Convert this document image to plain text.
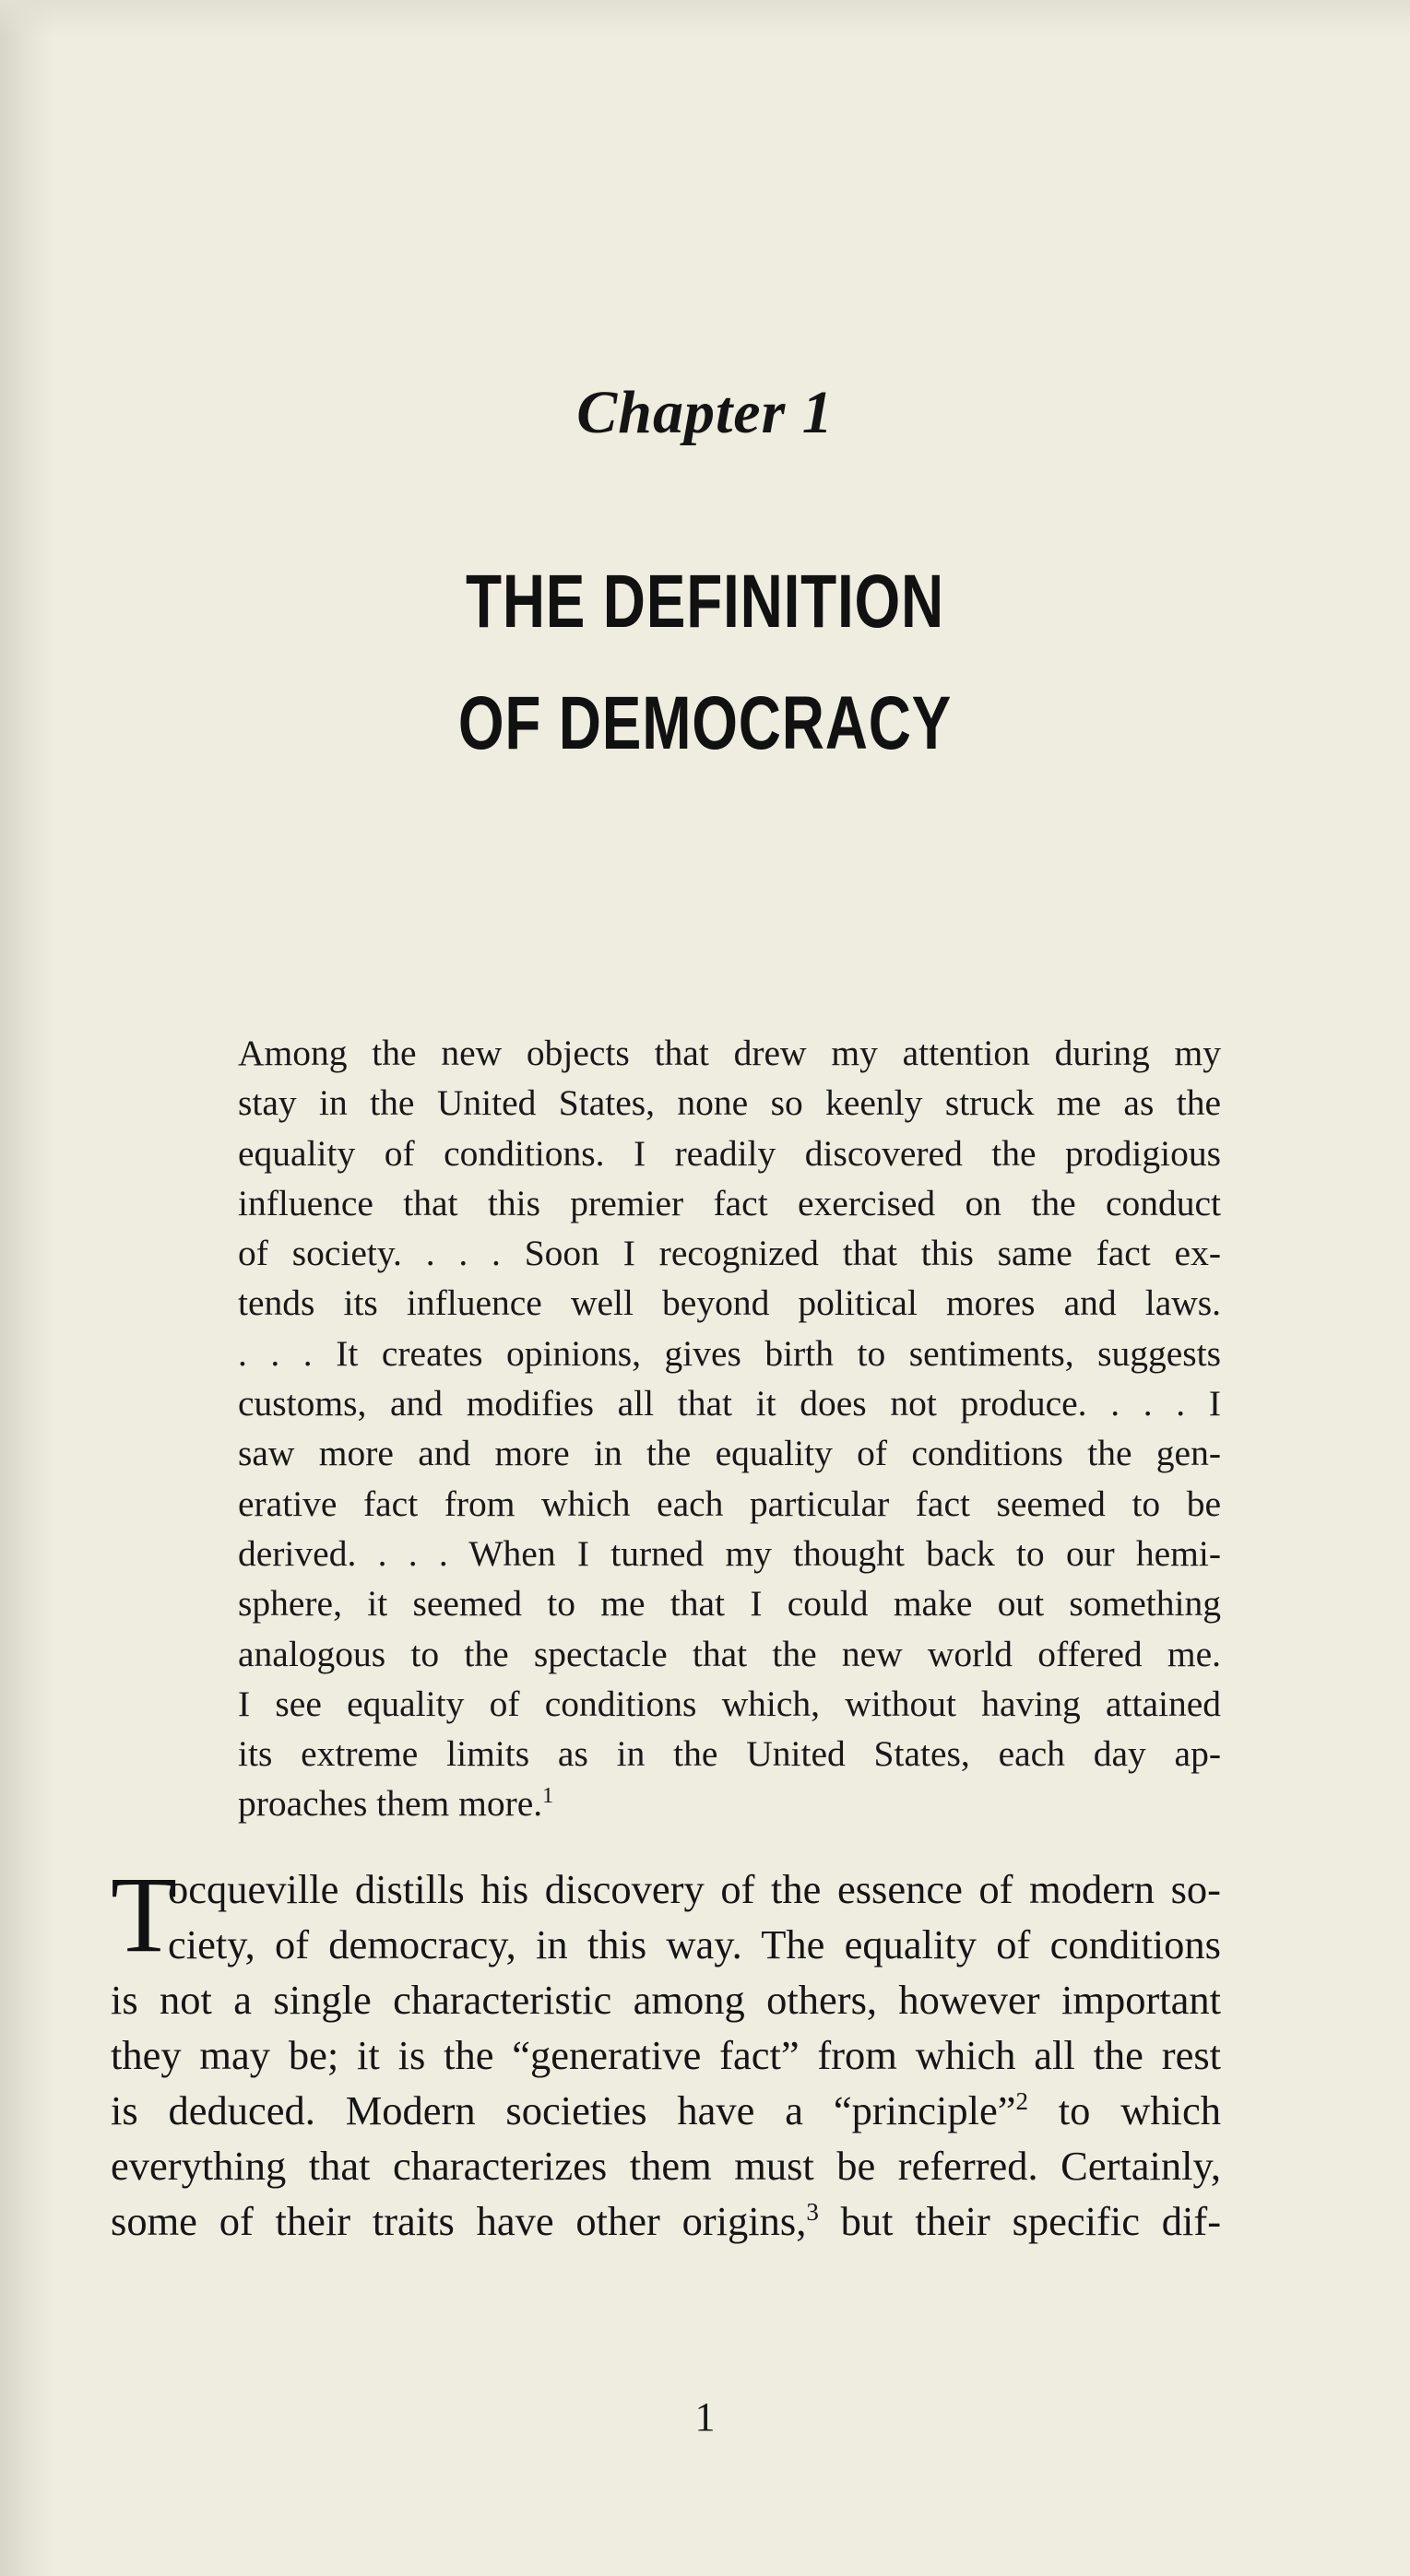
Chapter 1
THE DEFINITION
OF DEMOCRACY
Among the new objects that drew my attention during my
stay in the United States, none so keenly struck me as the
equality of conditions. I readily discovered the prodigious
influence that this premier fact exercised on the conduct
of society. . . . Soon I recognized that this same fact ex-
tends its influence well beyond political mores and laws.
. . . It creates opinions, gives birth to sentiments, suggests
customs, and modifies all that it does not produce. . . . I
saw more and more in the equality of conditions the gen-
erative fact from which each particular fact seemed to be
derived. . . . When I turned my thought back to our hemi-
sphere, it seemed to me that I could make out something
analogous to the spectacle that the new world offered me.
I see equality of conditions which, without having attained
its extreme limits as in the United States, each day ap-
proaches them more.$^1$
T
ocqueville distills his discovery of the essence of modern so-
ciety, of democracy, in this way. The equality of conditions
is not a single characteristic among others, however important
they may be; it is the “generative fact” from which all the rest
is deduced. Modern societies have a “principle”$^2$ to which
everything that characterizes them must be referred. Certainly,
some of their traits have other origins,$^3$ but their specific dif-
1
